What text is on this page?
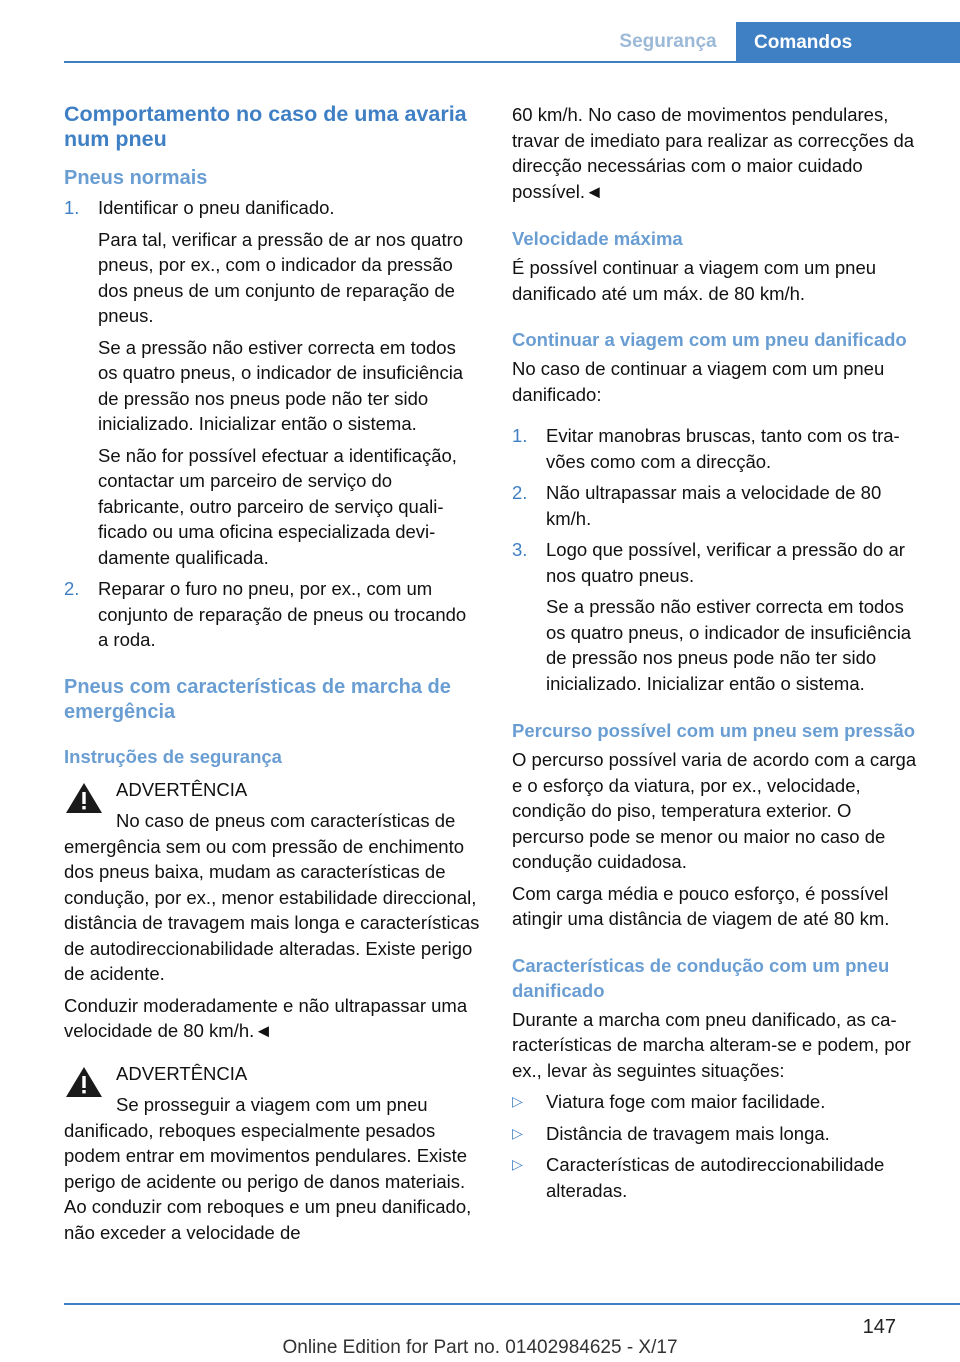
Segurança	Comandos
Comportamento no caso de uma avaria num pneu
Pneus normais
1.	Identificar o pneu danificado.

Para tal, verificar a pressão de ar nos quatro pneus, por ex., com o indicador da pressão dos pneus de um conjunto de reparação de pneus.

Se a pressão não estiver correcta em todos os quatro pneus, o indicador de insuficiência de pressão nos pneus pode não ter sido inicializado. Inicializar então o sistema.

Se não for possível efectuar a identificação, contactar um parceiro de serviço do fabricante, outro parceiro de serviço qualificado ou uma oficina especializada devidamente qualificada.

2.	Reparar o furo no pneu, por ex., com um conjunto de reparação de pneus ou trocando a roda.

Pneus com características de marcha de emergência
Instruções de segurança

ADVERTÊNCIA

No caso de pneus com características de emergência sem ou com pressão de enchimento dos pneus baixa, mudam as características de condução, por ex., menor estabilidade direccional, distância de travagem mais longa e características de autodireccionabilidade alteradas. Existe perigo de acidente.

Conduzir moderadamente e não ultrapassar uma velocidade de 80 km/h.◄

ADVERTÊNCIA

Se prosseguir a viagem com um pneu danificado, reboques especialmente pesados podem entrar em movimentos pendulares. Existe perigo de acidente ou perigo de danos materiais. Ao conduzir com reboques e um pneu danificado, não exceder a velocidade de

60 km/h. No caso de movimentos pendulares, travar de imediato para realizar as correcções da direcção necessárias com o maior cuidado possível.◄

Velocidade máxima

É possível continuar a viagem com um pneu danificado até um máx. de 80 km/h.

Continuar a viagem com um pneu danificado

No caso de continuar a viagem com um pneu danificado:

1.	Evitar manobras bruscas, tanto com os travões como com a direcção.

2.	Não ultrapassar mais a velocidade de 80 km/h.

3.	Logo que possível, verificar a pressão do ar nos quatro pneus.

Se a pressão não estiver correcta em todos os quatro pneus, o indicador de insuficiência de pressão nos pneus pode não ter sido inicializado. Inicializar então o sistema.

Percurso possível com um pneu sem pressão

O percurso possível varia de acordo com a carga e o esforço da viatura, por ex., velocidade, condição do piso, temperatura exterior. O percurso pode se menor ou maior no caso de condução cuidadosa.

Com carga média e pouco esforço, é possível atingir uma distância de viagem de até 80 km.

Características de condução com um pneu danificado

Durante a marcha com pneu danificado, as características de marcha alteram-se e podem, por ex., levar às seguintes situações:

▷	Viatura foge com maior facilidade.

▷	Distância de travagem mais longa.

▷	Características de autodireccionabilidade alteradas.

147
Online Edition for Part no. 01402984625 - X/17
